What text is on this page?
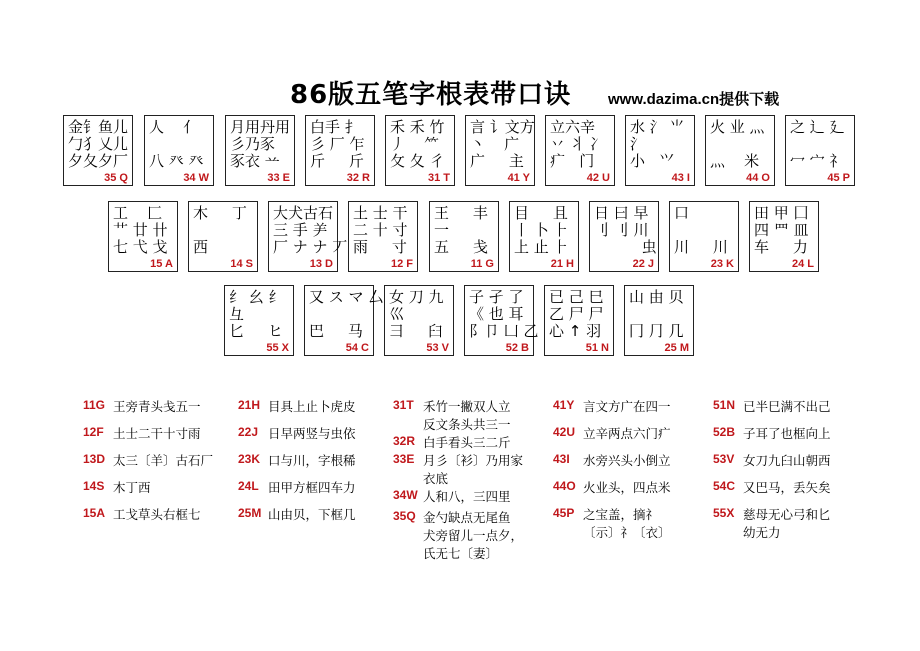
86版五笔字根表带口诀 www.dazima.cn提供下载
金钅鱼儿
勹犭乂儿
夕夂夕厂
35 Q
人    亻

八 癶 癶
34 W
月用丹用
彡乃豕
豕衣 䒑
33 E
白手 扌
彡 厂 乍
斤     斤
32 R
禾 禾 竹
丿    ⺮
攵 夂 彳
31 T
言 讠文方
丶    广
广     主
41 Y
立六辛
丷 丬 冫
疒   门
42 U
水 氵 ⺌
氵
小   ⺍
43 I
火 业 灬

灬    米
44 O
之 辶 廴

冖 宀 礻
45 P
工    匚
艹 廿 卄
七 弋 戈
15 A
木     丁

西
14 S
大犬古石
三 手 ⺶
厂 ナ ナ 丆
13 D
土 士 干
二 十 寸
雨     寸
12 F
王     丰
一
五     戋
11 G
目     且
丨 卜 ⺊
上 止 ⺊
21 H
日 曰 早
刂 刂 川
虫
22 J
口

川     川
23 K
田 甲 囗
四 罒 皿
车     力
24 L
纟 幺 纟
彑
匕     ヒ
55 X
又 ス マ 厶

巴     马
54 C
女 刀 九
巛
彐     臼
53 V
子 孑 了
《 也 耳
阝卩 凵 乙
52 B
已 己 巳
乙 尸 尸
心 ↑ 羽
51 N
山 由 贝

冂 ⺆ 几
25 M
11G 王旁青头戋五一
12F 土士二干十寸雨
13D 太三〔羊〕古石厂
14S 木丁西
15A 工戈草头右框七
21H 目具上止卜虎皮
22J 日早两竖与虫依
23K 口与川，字根稀
24L 田甲方框四车力
25M 山由贝，下框几
31T 禾竹一撇双人立
反文条头共三一
32R 白手看头三二斤
33E 月彡〔衫〕乃用家
衣底
34W 人和八，三四里
35Q 金勺缺点无尾鱼
犬旁留儿一点夕，
氏无七〔妻〕
41Y 言文方广在四一
42U 立辛两点六门疒
43I 水旁兴头小倒立
44O 火业头，四点米
45P 之宝盖，摘礻
〔示〕礻〔衣〕
51N 已半巳满不出己
52B 子耳了也框向上
53V 女刀九臼山朝西
54C 又巴马，丢矢矣
55X 慈母无心弓和匕
幼无力
